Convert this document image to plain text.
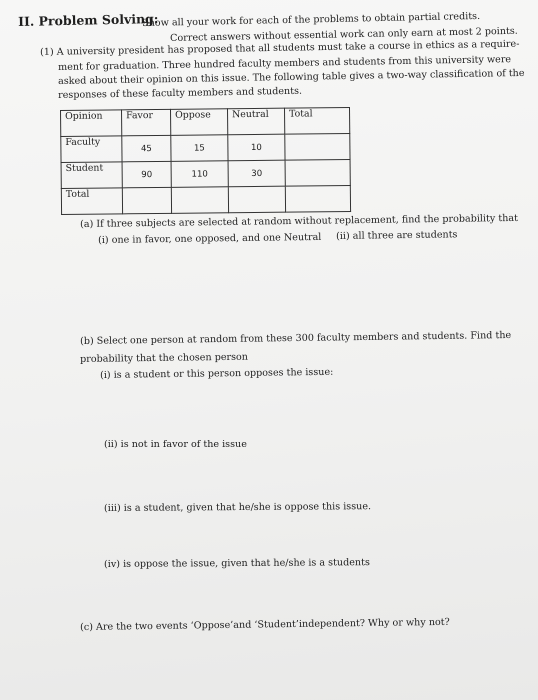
II. Problem Solving:
Show all your work for each of the problems to obtain partial credits.
Correct answers without essential work can only earn at most 2 points.
(1) A university president has proposed that all students must take a course in ethics as a require-
ment for graduation. Three hundred faculty members and students from this university were
asked about their opinion on this issue. The following table gives a two-way classification of the
responses of these faculty members and students.
Opinion	Favor	Oppose	Neutral	Total
Faculty	45	15	10	
Student	90	110	30	
Total				
(a) If three subjects are selected at random without replacement, find the probability that
(i) one in favor, one opposed, and one Neutral (ii) all three are students
(b) Select one person at random from these 300 faculty members and students. Find the
probability that the chosen person
(i) is a student or this person opposes the issue:
(ii) is not in favor of the issue
(iii) is a student, given that he/she is oppose this issue.
(iv) is oppose the issue, given that he/she is a students
(c) Are the two events ‘Oppose’and ‘Student’independent? Why or why not?
